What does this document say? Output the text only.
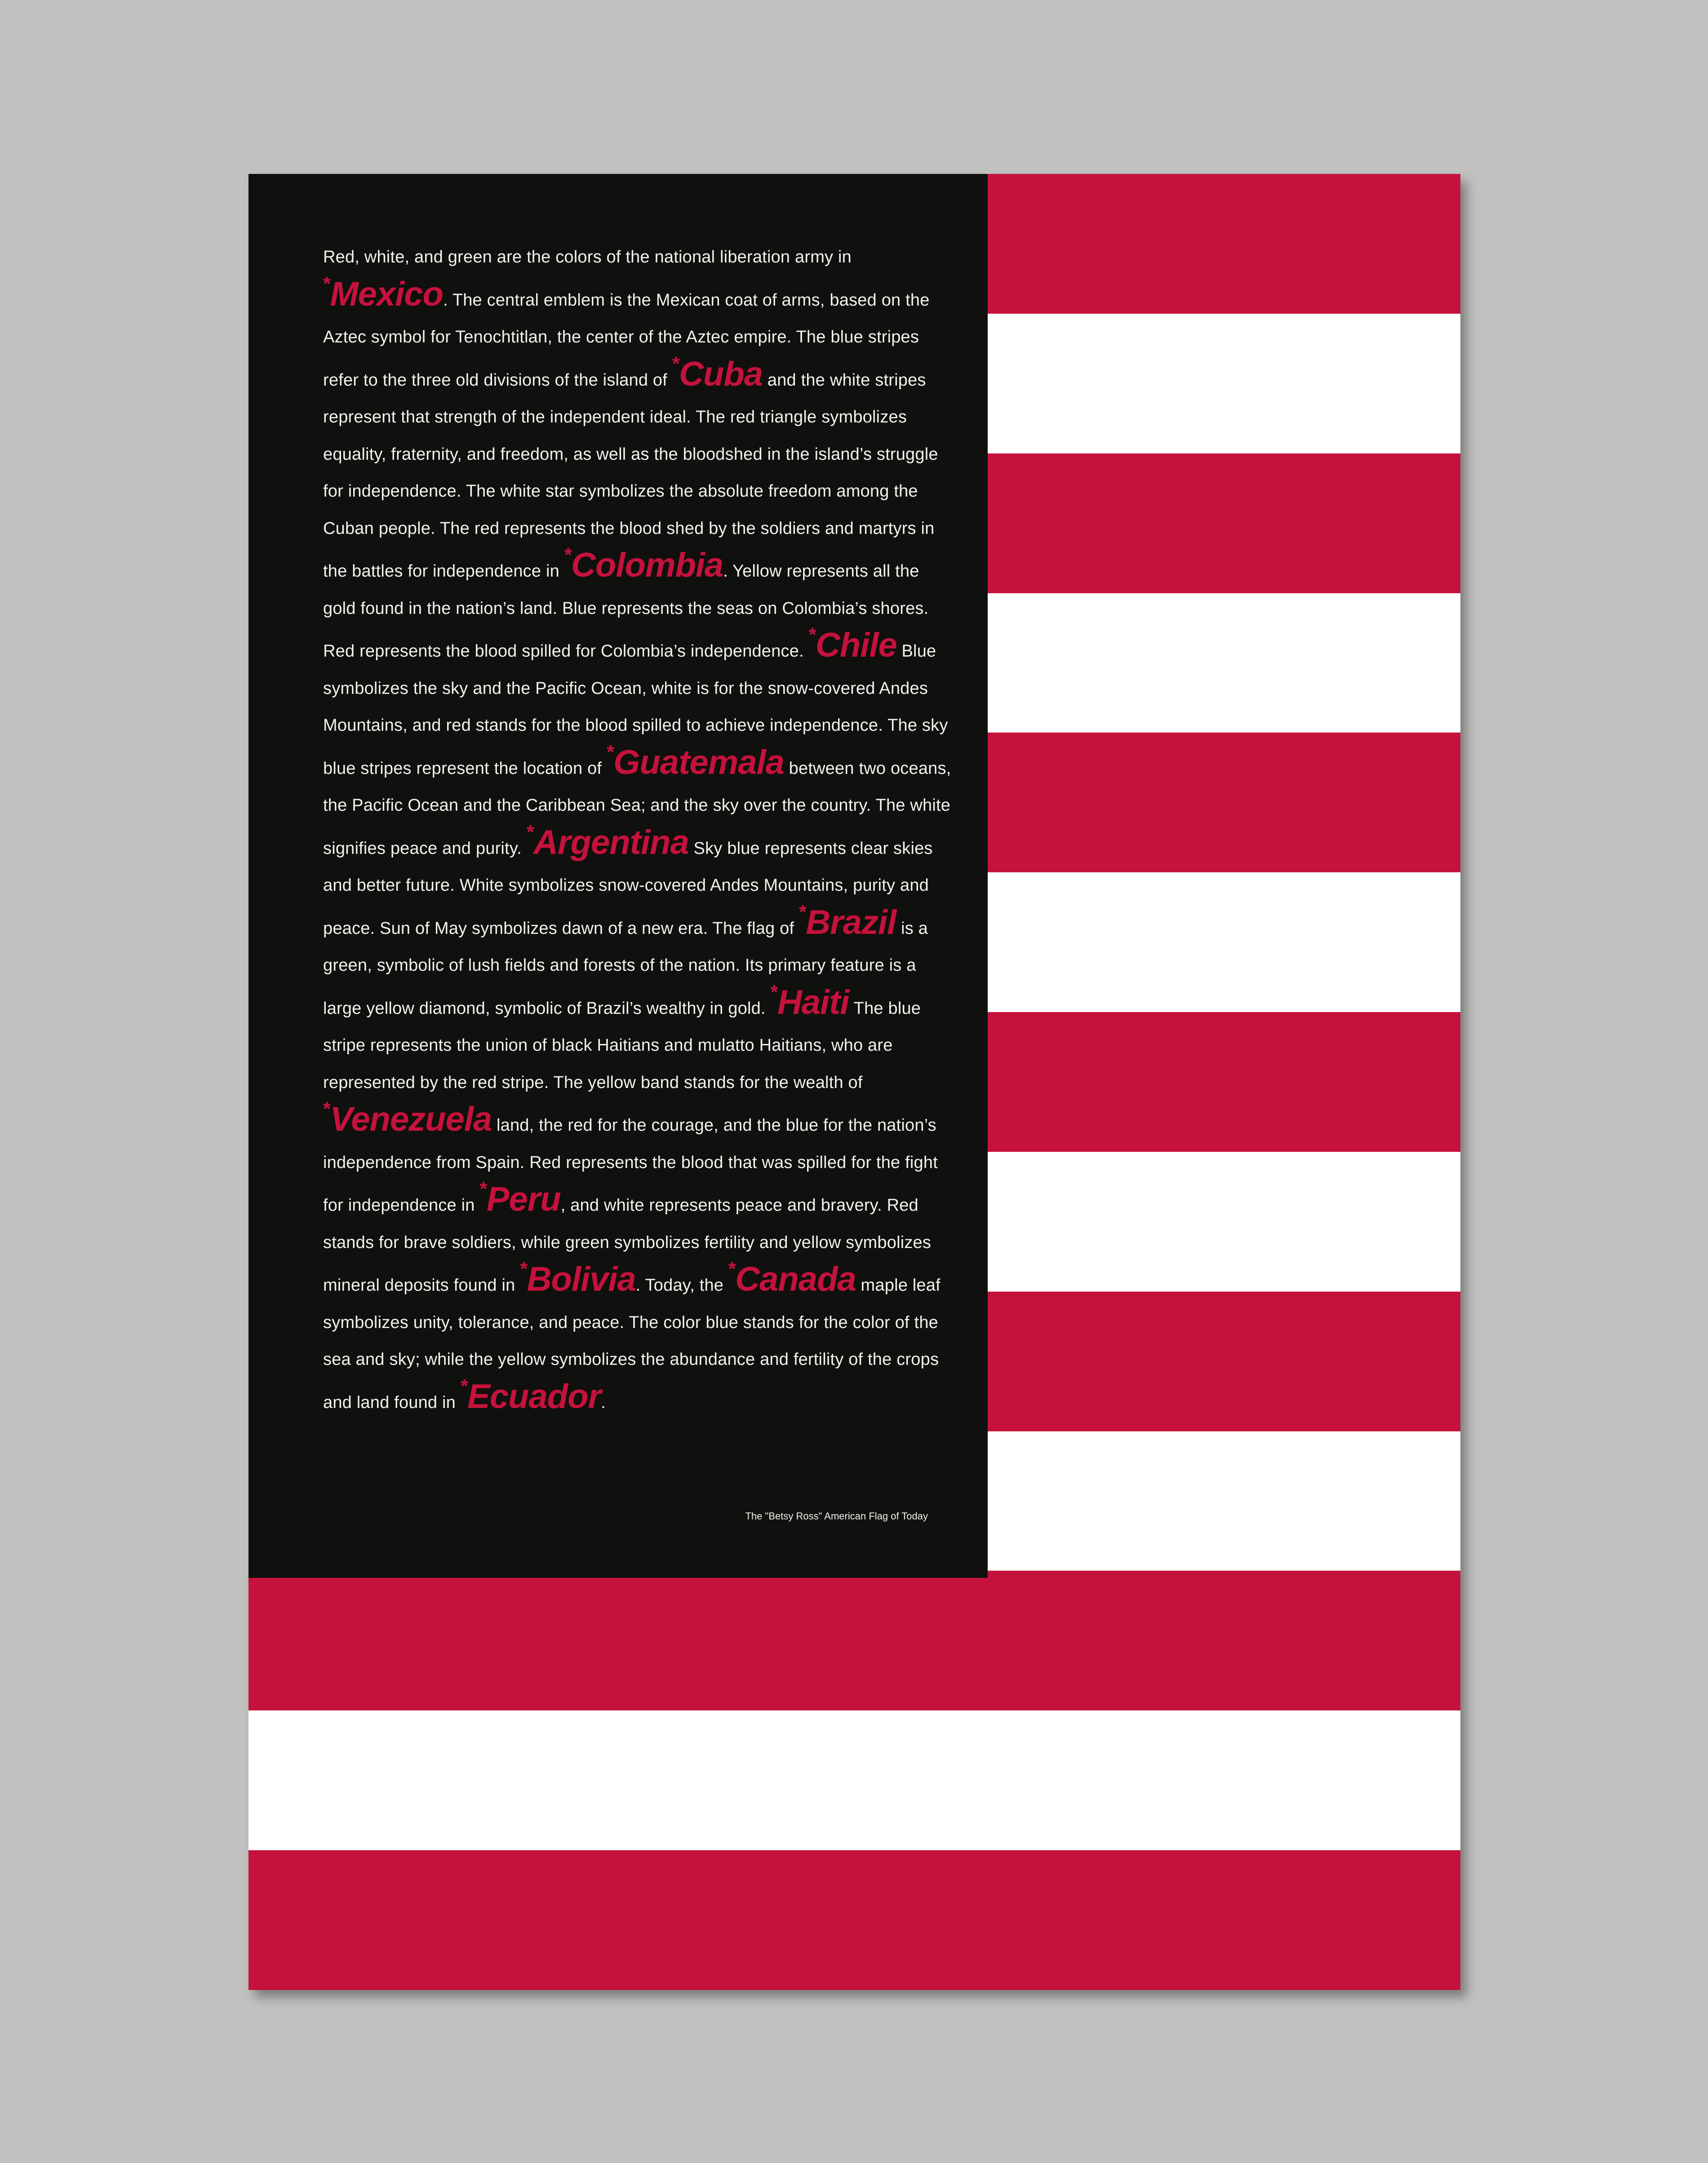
Red, white, and green are the colors of the national liberation army in *Mexico. The central emblem is the Mexican coat of arms, based on the Aztec symbol for Tenochtitlan, the center of the Aztec empire. The blue stripes refer to the three old divisions of the island of *Cuba and the white stripes represent that strength of the independent ideal. The red triangle symbolizes equality, fraternity, and freedom, as well as the bloodshed in the island’s struggle for independence. The white star symbolizes the absolute freedom among the Cuban people. The red represents the blood shed by the soldiers and martyrs in the battles for independence in *Colombia. Yellow represents all the gold found in the nation’s land. Blue represents the seas on Colombia’s shores. Red represents the blood spilled for Colombia’s independence. *Chile Blue symbolizes the sky and the Pacific Ocean, white is for the snow-covered Andes Mountains, and red stands for the blood spilled to achieve independence. The sky blue stripes represent the location of *Guatemala between two oceans, the Pacific Ocean and the Caribbean Sea; and the sky over the country. The white signifies peace and purity. *Argentina Sky blue represents clear skies and better future. White symbolizes snow-covered Andes Mountains, purity and peace. Sun of May symbolizes dawn of a new era. The flag of *Brazil is a green, symbolic of lush fields and forests of the nation. Its primary feature is a large yellow diamond, symbolic of Brazil’s wealthy in gold. *Haiti The blue stripe represents the union of black Haitians and mulatto Haitians, who are represented by the red stripe. The yellow band stands for the wealth of *Venezuela land, the red for the courage, and the blue for the nation’s independence from Spain. Red represents the blood that was spilled for the fight for independence in *Peru, and white represents peace and bravery. Red stands for brave soldiers, while green symbolizes fertility and yellow symbolizes mineral deposits found in *Bolivia. Today, the *Canada maple leaf symbolizes unity, tolerance, and peace. The color blue stands for the color of the sea and sky; while the yellow symbolizes the abundance and fertility of the crops and land found in *Ecuador.

The "Betsy Ross" American Flag of Today
